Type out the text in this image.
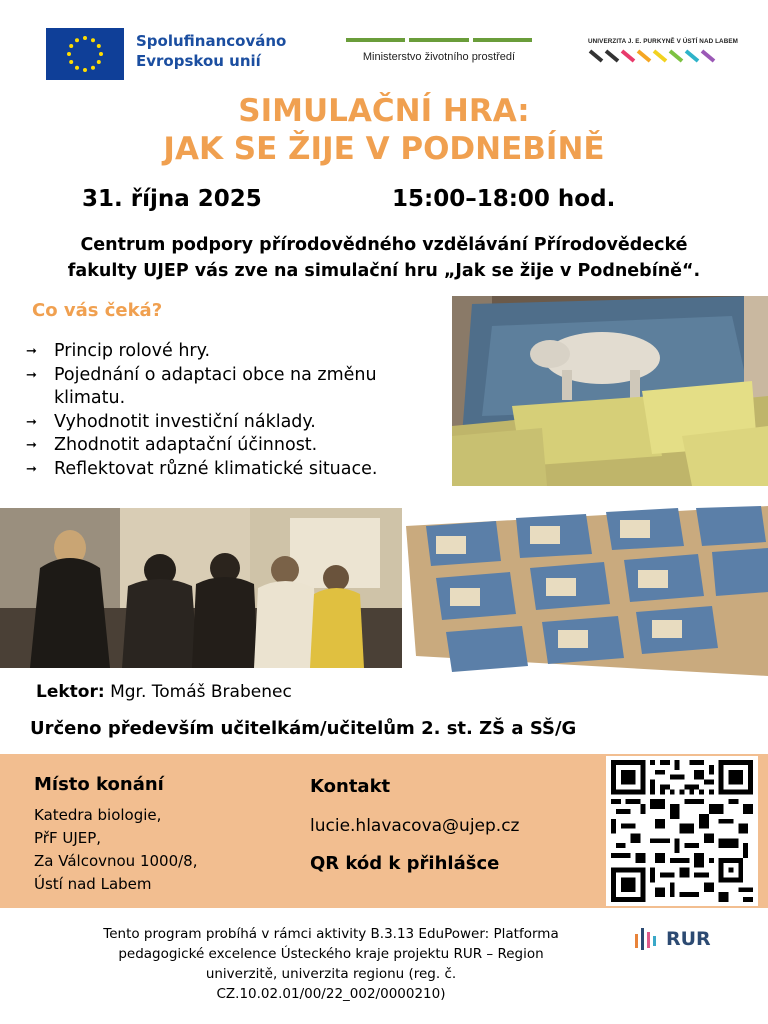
Spolufinancováno
Evropskou unií	Ministerstvo životního prostředí
UNIVERZITA J. E. PURKYNĚ V ÚSTÍ NAD LABEM
SIMULAČNÍ HRA:
JAK SE ŽIJE V PODNEBÍNĚ
31. října 2025	15:00–18:00 hod.
Centrum podpory přírodovědného vzdělávání Přírodovědecké
fakulty UJEP vás zve na simulační hru „Jak se žije v Podnebíně“.
Co vás čeká?
➞ Princip rolové hry.
➞ Pojednání o adaptaci obce na změnu klimatu.
➞ Vyhodnotit investiční náklady.
➞ Zhodnotit adaptační účinnost.
➞ Reflektovat různé klimatické situace.
Lektor: Mgr. Tomáš Brabenec
Určeno především učitelkám/učitelům 2. st. ZŠ a SŠ/G
Místo konání
Katedra biologie,
PřF UJEP,
Za Válcovnou 1000/8,
Ústí nad Labem
Kontakt
lucie.hlavacova@ujep.cz
QR kód k přihlášce
Tento program probíhá v rámci aktivity B.3.13 EduPower: Platforma
pedagogické excelence Ústeckého kraje projektu RUR – Region
univerzitě, univerzita regionu (reg. č.
CZ.10.02.01/00/22_002/0000210)
RUR
